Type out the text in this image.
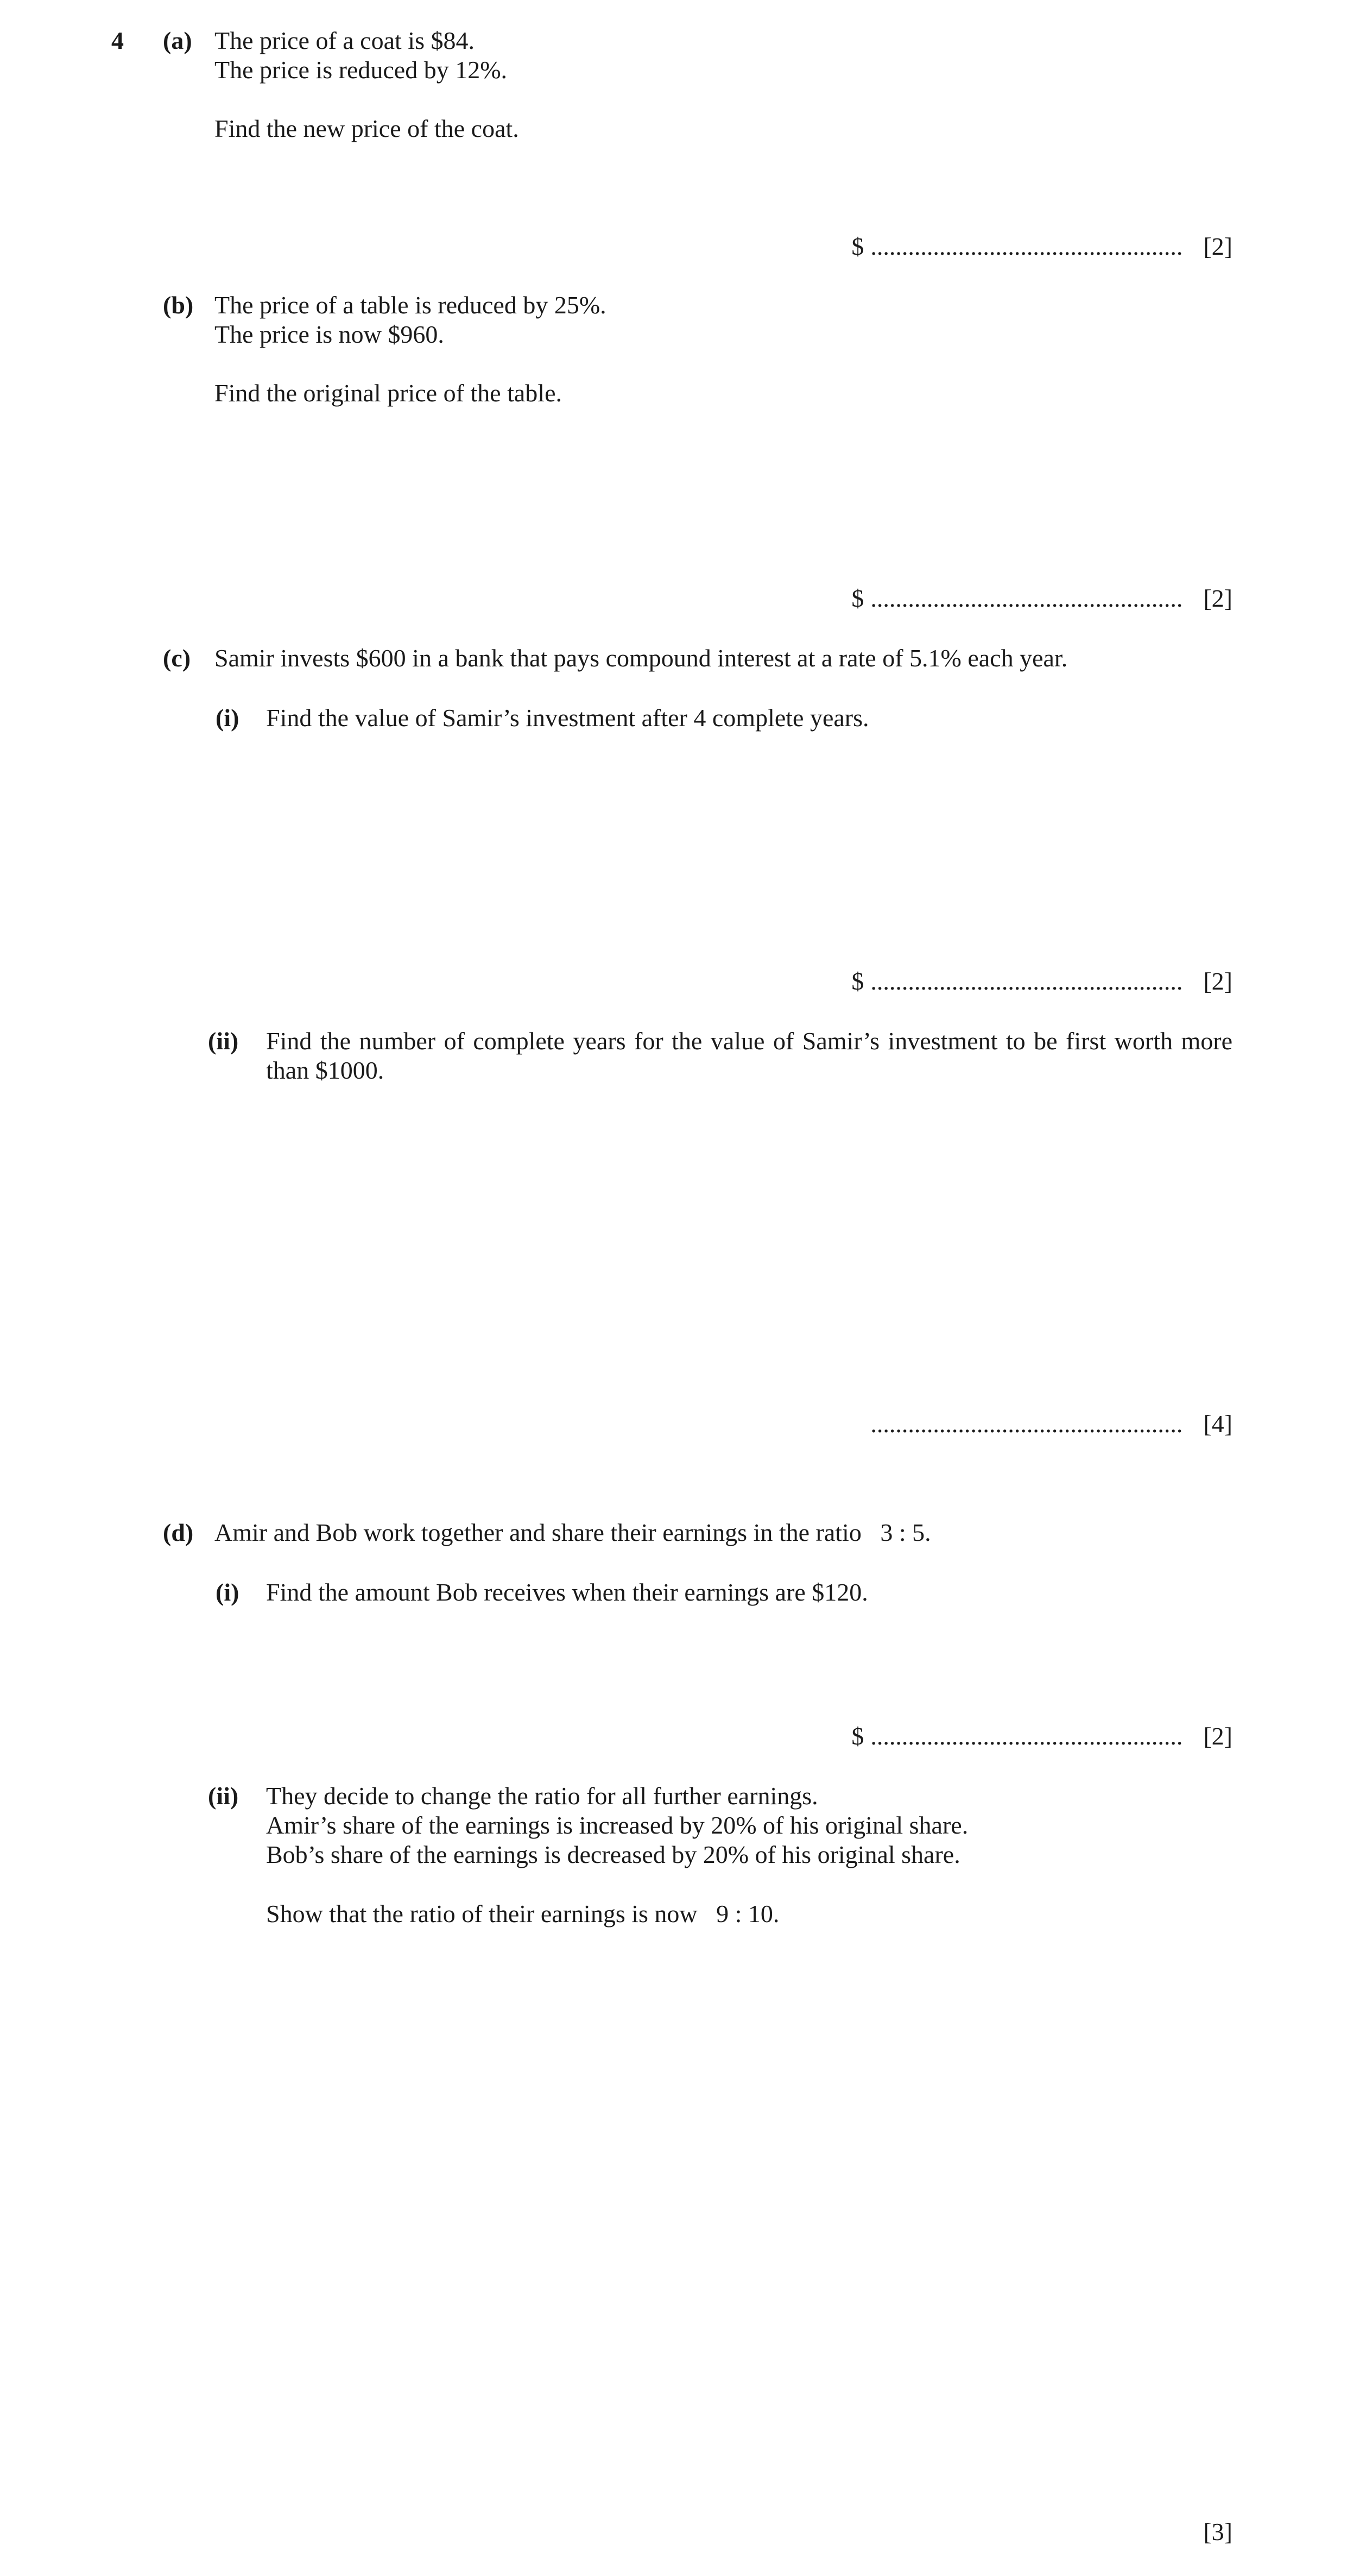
4 (a) The price of a coat is $84.
The price is reduced by 12%.
Find the new price of the coat.
$ .................................................. [2]
(b) The price of a table is reduced by 25%.
The price is now $960.
Find the original price of the table.
$ .................................................. [2]
(c) Samir invests $600 in a bank that pays compound interest at a rate of 5.1% each year.
(i) Find the value of Samir’s investment after 4 complete years.
$ .................................................. [2]
(ii) Find the number of complete years for the value of Samir’s investment to be first worth more than $1000.
.................................................. [4]
(d) Amir and Bob work together and share their earnings in the ratio   3 : 5.
(i) Find the amount Bob receives when their earnings are $120.
$ .................................................. [2]
(ii) They decide to change the ratio for all further earnings.
Amir’s share of the earnings is increased by 20% of his original share.
Bob’s share of the earnings is decreased by 20% of his original share.
Show that the ratio of their earnings is now   9 : 10.
[3]
